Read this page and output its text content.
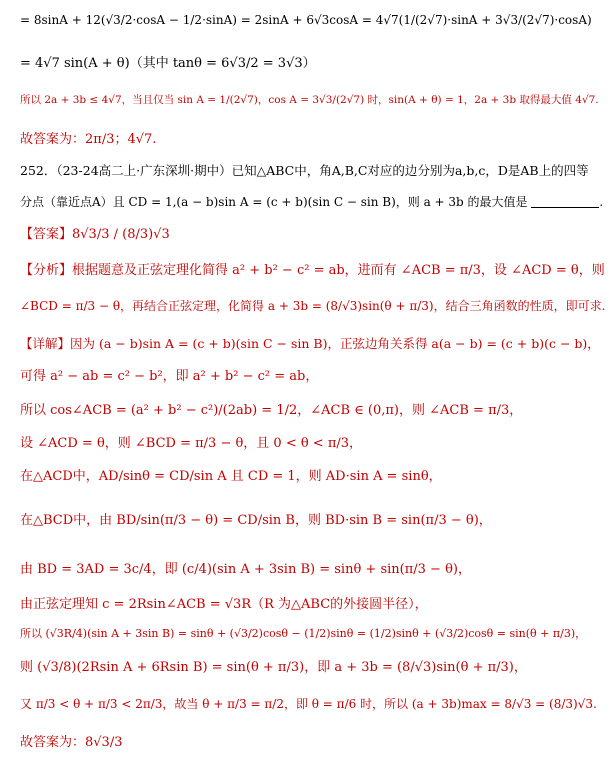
= 8sinA + 12(√3/2·cosA − 1/2·sinA) = 2sinA + 6√3cosA = 4√7(1/(2√7)·sinA + 3√3/(2√7)·cosA)
= 4√7 sin(A + θ)（其中 tanθ = 6√3/2 = 3√3）
所以 2a + 3b ≤ 4√7，当且仅当 sin A = 1/(2√7)，cos A = 3√3/(2√7) 时，sin(A + θ) = 1，2a + 3b 取得最大值 4√7.
故答案为：2π/3；4√7.
252．（23-24高二上·广东深圳·期中）已知△ABC中，角A,B,C对应的边分别为a,b,c，D是AB上的四等
分点（靠近点A）且 CD = 1,(a − b)sin A = (c + b)(sin C − sin B)，则 a + 3b 的最大值是	.
【答案】8√3/3 / (8/3)√3
【分析】根据题意及正弦定理化简得 a² + b² − c² = ab，进而有 ∠ACB = π/3，设 ∠ACD = θ，则
∠BCD = π/3 − θ，再结合正弦定理，化简得 a + 3b = (8/√3)sin(θ + π/3)，结合三角函数的性质，即可求.
【详解】因为 (a − b)sin A = (c + b)(sin C − sin B)，正弦边角关系得 a(a − b) = (c + b)(c − b)，
可得 a² − ab = c² − b²，即 a² + b² − c² = ab，
所以 cos∠ACB = (a² + b² − c²)/(2ab) = 1/2，∠ACB ∈ (0,π)，则 ∠ACB = π/3，
设 ∠ACD = θ，则 ∠BCD = π/3 − θ，且 0 < θ < π/3，
在△ACD中，AD/sinθ = CD/sin A 且 CD = 1，则 AD·sin A = sinθ，
在△BCD中，由 BD/sin(π/3 − θ) = CD/sin B，则 BD·sin B = sin(π/3 − θ)，
由 BD = 3AD = 3c/4，即 (c/4)(sin A + 3sin B) = sinθ + sin(π/3 − θ)，
由正弦定理知 c = 2Rsin∠ACB = √3R（R 为△ABC的外接圆半径），
所以 (√3R/4)(sin A + 3sin B) = sinθ + (√3/2)cosθ − (1/2)sinθ = (1/2)sinθ + (√3/2)cosθ = sin(θ + π/3)，
则 (√3/8)(2Rsin A + 6Rsin B) = sin(θ + π/3)，即 a + 3b = (8/√3)sin(θ + π/3)，
又 π/3 < θ + π/3 < 2π/3，故当 θ + π/3 = π/2，即 θ = π/6 时，所以 (a + 3b)max = 8/√3 = (8/3)√3.
故答案为：8√3/3
